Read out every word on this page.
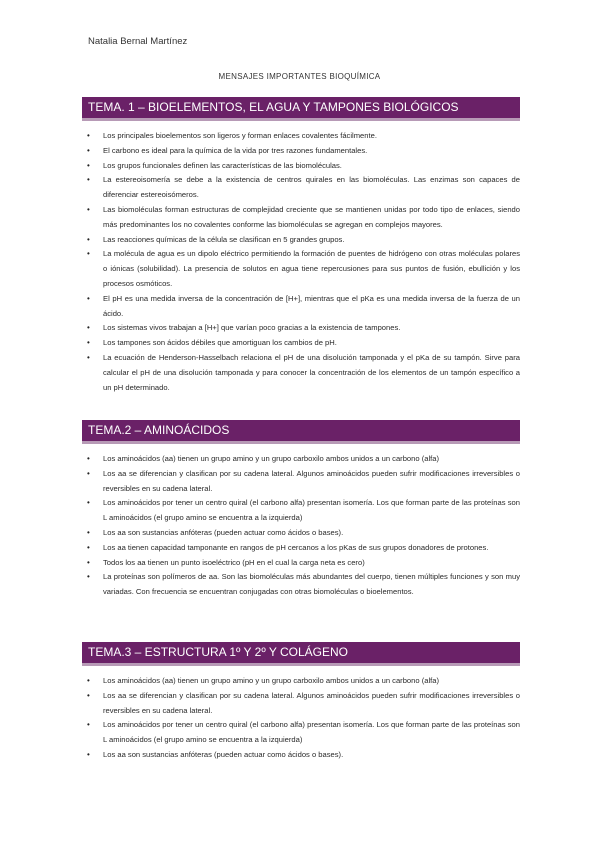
Natalia Bernal Martínez
MENSAJES IMPORTANTES BIOQUÍMICA
TEMA. 1 – BIOELEMENTOS, EL AGUA Y TAMPONES BIOLÓGICOS
• Los principales bioelementos son ligeros y forman enlaces covalentes fácilmente.
• El carbono es ideal para la química de la vida por tres razones fundamentales.
• Los grupos funcionales definen las características de las biomoléculas.
• La estereoisomería se debe a la existencia de centros quirales en las biomoléculas. Las enzimas son capaces de diferenciar estereoisómeros.
• Las biomoléculas forman estructuras de complejidad creciente que se mantienen unidas por todo tipo de enlaces, siendo más predominantes los no covalentes conforme las biomoléculas se agregan en complejos mayores.
• Las reacciones químicas de la célula se clasifican en 5 grandes grupos.
• La molécula de agua es un dipolo eléctrico permitiendo la formación de puentes de hidrógeno con otras moléculas polares o iónicas (solubilidad). La presencia de solutos en agua tiene repercusiones para sus puntos de fusión, ebullición y los procesos osmóticos.
• El pH es una medida inversa de la concentración de [H+], mientras que el pKa es una medida inversa de la fuerza de un ácido.
• Los sistemas vivos trabajan a [H+] que varían poco gracias a la existencia de tampones.
• Los tampones son ácidos débiles que amortiguan los cambios de pH.
• La ecuación de Henderson-Hasselbach relaciona el pH de una disolución tamponada y el pKa de su tampón. Sirve para calcular el pH de una disolución tamponada y para conocer la concentración de los elementos de un tampón específico a un pH determinado.
TEMA.2 – AMINOÁCIDOS
• Los aminoácidos (aa) tienen un grupo amino y un grupo carboxilo ambos unidos a un carbono (alfa)
• Los aa se diferencian y clasifican por su cadena lateral. Algunos aminoácidos pueden sufrir modificaciones irreversibles o reversibles en su cadena lateral.
• Los aminoácidos por tener un centro quiral (el carbono alfa) presentan isomería. Los que forman parte de las proteínas son L aminoácidos (el grupo amino se encuentra a la izquierda)
• Los aa son sustancias anfóteras (pueden actuar como ácidos o bases).
• Los aa tienen capacidad tamponante en rangos de pH cercanos a los pKas de sus grupos donadores de protones.
• Todos los aa tienen un punto isoeléctrico (pH en el cual la carga neta es cero)
• La proteínas son polímeros de aa. Son las biomoléculas más abundantes del cuerpo, tienen múltiples funciones y son muy variadas. Con frecuencia se encuentran conjugadas con otras biomoléculas o bioelementos.
TEMA.3 – ESTRUCTURA 1º Y 2º Y COLÁGENO
• Los aminoácidos (aa) tienen un grupo amino y un grupo carboxilo ambos unidos a un carbono (alfa)
• Los aa se diferencian y clasifican por su cadena lateral. Algunos aminoácidos pueden sufrir modificaciones irreversibles o reversibles en su cadena lateral.
• Los aminoácidos por tener un centro quiral (el carbono alfa) presentan isomería. Los que forman parte de las proteínas son L aminoácidos (el grupo amino se encuentra a la izquierda)
• Los aa son sustancias anfóteras (pueden actuar como ácidos o bases).
